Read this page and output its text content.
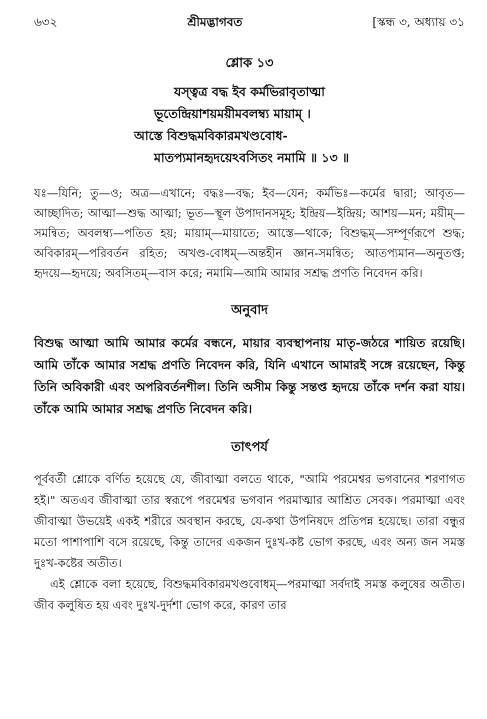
৬৩২	শ্রীমদ্ভাগবত	[স্কন্ধ ৩, অধ্যায় ৩১
শ্লোক ১৩
যস্ত্বত্র বদ্ধ ইব কর্মভিরাবৃতাত্মা
ভূতেন্দ্রিয়াশয়ময়ীমবলম্ব্য মায়াম্ ।
আস্তে বিশুদ্ধমবিকারমখণ্ডবোধ-
মাতপ্যমানহৃদয়েঽবসিতং নমামি ॥ ১৩ ॥
যঃ—যিনি; তু—ও; অত্র—এখানে; বদ্ধঃ—বদ্ধ; ইব—যেন; কর্মভিঃ—কর্মের দ্বারা; আবৃত—আচ্ছাদিত; আত্মা—শুদ্ধ আত্মা; ভূত—স্থূল উপাদানসমূহ; ইন্দ্রিয়—ইন্দ্রিয়; আশয়—মন; ময়ীম্—সমন্বিত; অবলম্ব্য—পতিত হয়; মায়াম্—মায়াতে; আস্তে—থাকে; বিশুদ্ধম্—সম্পূর্ণরূপে শুদ্ধ; অবিকারম্—পরিবর্তন রহিত; অখণ্ড-বোধম্—অন্তহীন জ্ঞান-সমন্বিত; আতপ্যমান—অনুতপ্ত; হৃদয়ে—হৃদয়ে; অবসিতম্—বাস করে; নমামি—আমি আমার সশ্রদ্ধ প্রণতি নিবেদন করি।
অনুবাদ
বিশুদ্ধ আত্মা আমি আমার কর্মের বন্ধনে, মায়ার ব্যবস্থাপনায় মাতৃ-জঠরে শায়িত রয়েছি। আমি তাঁকে আমার সশ্রদ্ধ প্রণতি নিবেদন করি, যিনি এখানে আমারই সঙ্গে রয়েছেন, কিন্তু তিনি অবিকারী এবং অপরিবর্তনশীল। তিনি অসীম কিন্তু সন্তপ্ত হৃদয়ে তাঁকে দর্শন করা যায়। তাঁকে আমি আমার সশ্রদ্ধ প্রণতি নিবেদন করি।
তাৎপর্য

পূর্ববর্তী শ্লোকে বর্ণিত হয়েছে যে, জীবাত্মা বলতে থাকে, "আমি পরমেশ্বর ভগবানের শরণাগত হই।" অতএব জীবাত্মা তার স্বরূপে পরমেশ্বর ভগবান পরমাত্মার আশ্রিত সেবক। পরমাত্মা এবং জীবাত্মা উভয়েই একই শরীরে অবস্থান করছে, যে-কথা উপনিষদে প্রতিপন্ন হয়েছে। তারা বন্ধুর মতো পাশাপাশি বসে রয়েছে, কিন্তু তাদের একজন দুঃখ-কষ্ট ভোগ করছে, এবং অন্য জন সমস্ত দুঃখ-কষ্টের অতীত।

এই শ্লোকে বলা হয়েছে, বিশুদ্ধমবিকারমখণ্ডবোধম্—পরমাত্মা সর্বদাই সমস্ত কলুষের অতীত। জীব কলুষিত হয় এবং দুঃখ-দুর্দশা ভোগ করে, কারণ তার
